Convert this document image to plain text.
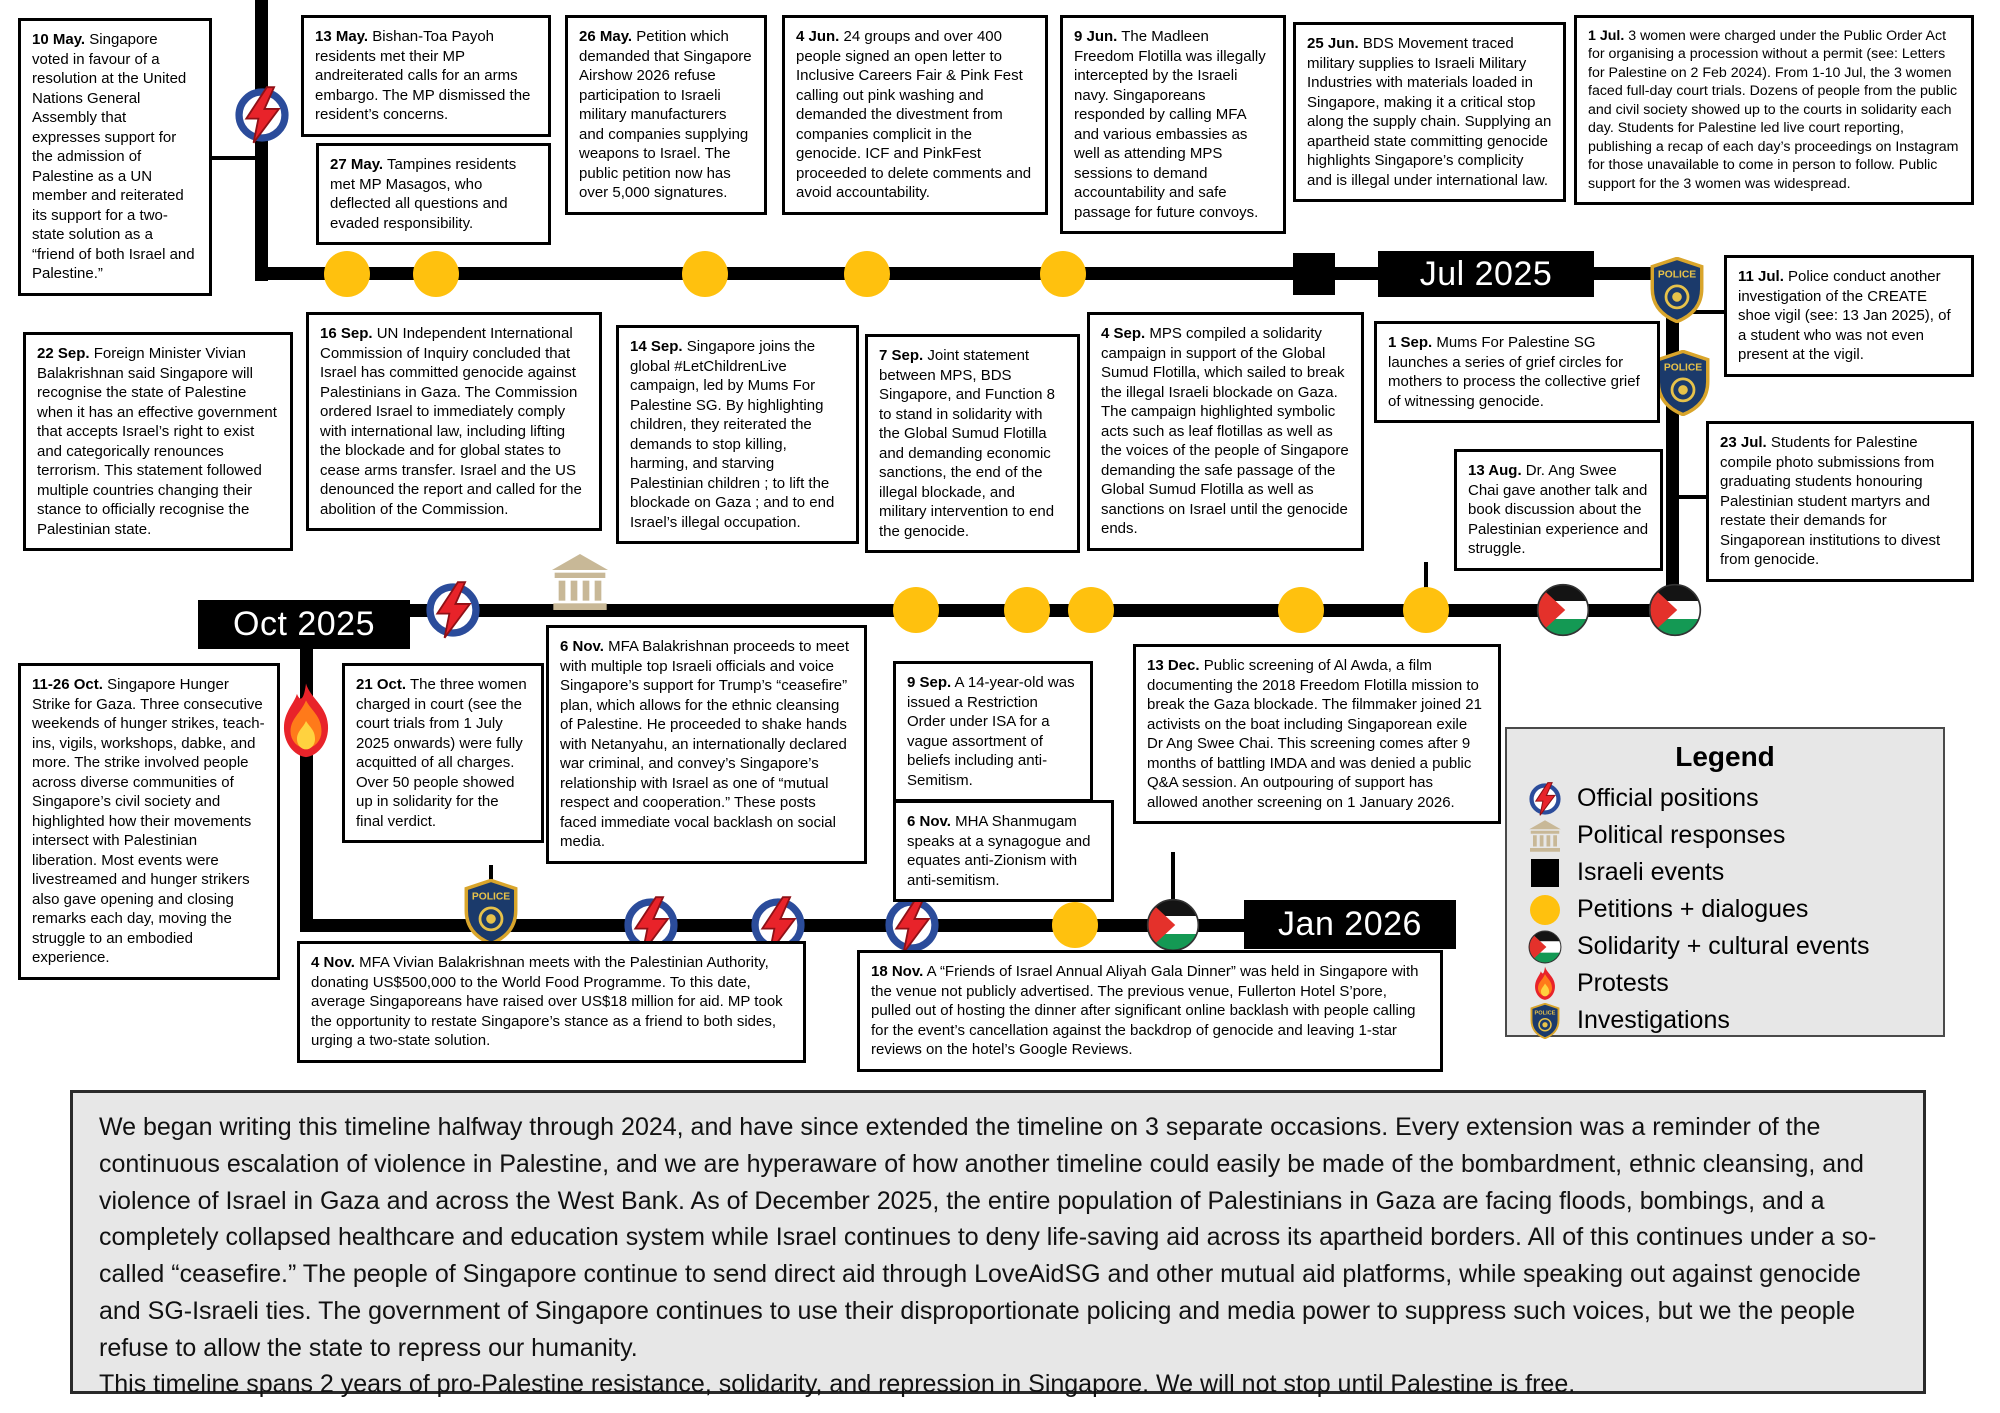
Jul 2025
Oct 2025
Jan 2026
10 May. Singapore voted in favour of a resolution at the United Nations General Assembly that expresses support for the admission of Palestine as a UN member and reiterated its support for a two-state solution as a “friend of both Israel and Palestine.”
13 May. Bishan-Toa Payoh residents met their MP andreiterated calls for an arms embargo. The MP dismissed the resident’s concerns.
27 May. Tampines residents met MP Masagos, who deflected all questions and evaded responsibility.
26 May. Petition which demanded that Singapore Airshow 2026 refuse participation to Israeli military manufacturers and companies supplying weapons to Israel. The public petition now has over 5,000 signatures.
4 Jun. 24 groups and over 400 people signed an open letter to Inclusive Careers Fair & Pink Fest calling out pink washing and demanded the divestment from companies complicit in the genocide. ICF and PinkFest proceeded to delete comments and avoid accountability.
9 Jun. The Madleen Freedom Flotilla was illegally intercepted by the Israeli navy. Singaporeans responded by calling MFA and various embassies as well as attending MPS sessions to demand accountability and safe passage for future convoys.
25 Jun. BDS Movement traced military supplies to Israeli Military Industries with materials loaded in Singapore, making it a critical stop along the supply chain. Supplying an apartheid state committing genocide highlights Singapore’s complicity and is illegal under international law.
1 Jul. 3 women were charged under the Public Order Act for organising a procession without a permit (see: Letters for Palestine on 2 Feb 2024). From 1-10 Jul, the 3 women faced full-day court trials. Dozens of people from the public and civil society showed up to the courts in solidarity each day. Students for Palestine led live court reporting, publishing a recap of each day’s proceedings on Instagram for those unavailable to come in person to follow. Public support for the 3 women was widespread.
11 Jul. Police conduct another investigation of the CREATE shoe vigil (see: 13 Jan 2025), of a student who was not even present at the vigil.
23 Jul. Students for Palestine compile photo submissions from graduating students honouring Palestinian student martyrs and restate their demands for Singaporean institutions to divest from genocide.
22 Sep. Foreign Minister Vivian Balakrishnan said Singapore will recognise the state of Palestine when it has an effective government that accepts Israel’s right to exist and categorically renounces terrorism. This statement followed multiple countries changing their stance to officially recognise the Palestinian state.
16 Sep. UN Independent International Commission of Inquiry concluded that Israel has committed genocide against Palestinians in Gaza. The Commission ordered Israel to immediately comply with international law, including lifting the blockade and for global states to cease arms transfer. Israel and the US denounced the report and called for the abolition of the Commission.
14 Sep. Singapore joins the global #LetChildrenLive campaign, led by Mums For Palestine SG. By highlighting children, they reiterated the demands to stop killing, harming, and starving Palestinian children ; to lift the blockade on Gaza ; and to end Israel’s illegal occupation.
7 Sep. Joint statement between MPS, BDS Singapore, and Function 8 to stand in solidarity with the Global Sumud Flotilla and demanding economic sanctions, the end of the illegal blockade, and military intervention to end the genocide.
4 Sep. MPS compiled a solidarity campaign in support of the Global Sumud Flotilla, which sailed to break the illegal Israeli blockade on Gaza. The campaign highlighted symbolic acts such as leaf flotillas as well as the voices of the people of Singapore demanding the safe passage of the Global Sumud Flotilla as well as sanctions on Israel until the genocide ends.
1 Sep. Mums For Palestine SG launches a series of grief circles for mothers to process the collective grief of witnessing genocide.
13 Aug. Dr. Ang Swee Chai gave another talk and book discussion about the Palestinian experience and struggle.
11-26 Oct. Singapore Hunger Strike for Gaza. Three consecutive weekends of hunger strikes, teach-ins, vigils, workshops, dabke, and more. The strike involved people across diverse communities of Singapore’s civil society and highlighted how their movements intersect with Palestinian liberation. Most events were livestreamed and hunger strikers also gave opening and closing remarks each day, moving the struggle to an embodied experience.
21 Oct. The three women charged in court (see the court trials from 1 July 2025 onwards) were fully acquitted of all charges. Over 50 people showed up in solidarity for the final verdict.
6 Nov. MFA Balakrishnan proceeds to meet with multiple top Israeli officials and voice Singapore’s support for Trump’s “ceasefire” plan, which allows for the ethnic cleansing of Palestine. He proceeded to shake hands with Netanyahu, an internationally declared war criminal, and convey’s Singapore’s relationship with Israel as one of “mutual respect and cooperation.” These posts faced immediate vocal backlash on social media.
9 Sep. A 14-year-old was issued a Restriction Order under ISA for a vague assortment of beliefs including anti-Semitism.
6 Nov. MHA Shanmugam speaks at a synagogue and equates anti-Zionism with anti-semitism.
13 Dec. Public screening of Al Awda, a film documenting the 2018 Freedom Flotilla mission to break the Gaza blockade. The filmmaker joined 21 activists on the boat including Singaporean exile Dr Ang Swee Chai. This screening comes after 9 months of battling IMDA and was denied a public Q&A session. An outpouring of support has allowed another screening on 1 January 2026.
4 Nov. MFA Vivian Balakrishnan meets with the Palestinian Authority, donating US$500,000 to the World Food Programme. To this date, average Singaporeans have raised over US$18 million for aid. MP took the opportunity to restate Singapore’s stance as a friend to both sides, urging a two-state solution.
18 Nov. A “Friends of Israel Annual Aliyah Gala Dinner” was held in Singapore with the venue not publicly advertised. The previous venue, Fullerton Hotel S’pore, pulled out of hosting the dinner after significant online backlash with people calling for the event’s cancellation against the backdrop of genocide and leaving 1-star reviews on the hotel’s Google Reviews.
Legend
Official positions
Political responses
Israeli events
Petitions + dialogues
Solidarity + cultural events
Protests
Investigations
We began writing this timeline halfway through 2024, and have since extended the timeline on 3 separate occasions. Every extension was a reminder of the continuous escalation of violence in Palestine, and we are hyperaware of how another timeline could easily be made of the bombardment, ethnic cleansing, and violence of Israel in Gaza and across the West Bank. As of December 2025, the entire population of Palestinians in Gaza are facing floods, bombings, and a completely collapsed healthcare and education system while Israel continues to deny life-saving aid across its apartheid borders. All of this continues under a so-called “ceasefire.” The people of Singapore continue to send direct aid through LoveAidSG and other mutual aid platforms, while speaking out against genocide and SG-Israeli ties. The government of Singapore continues to use their disproportionate policing and media power to suppress such voices, but we the people refuse to allow the state to repress our humanity.
This timeline spans 2 years of pro-Palestine resistance, solidarity, and repression in Singapore. We will not stop until Palestine is free.
